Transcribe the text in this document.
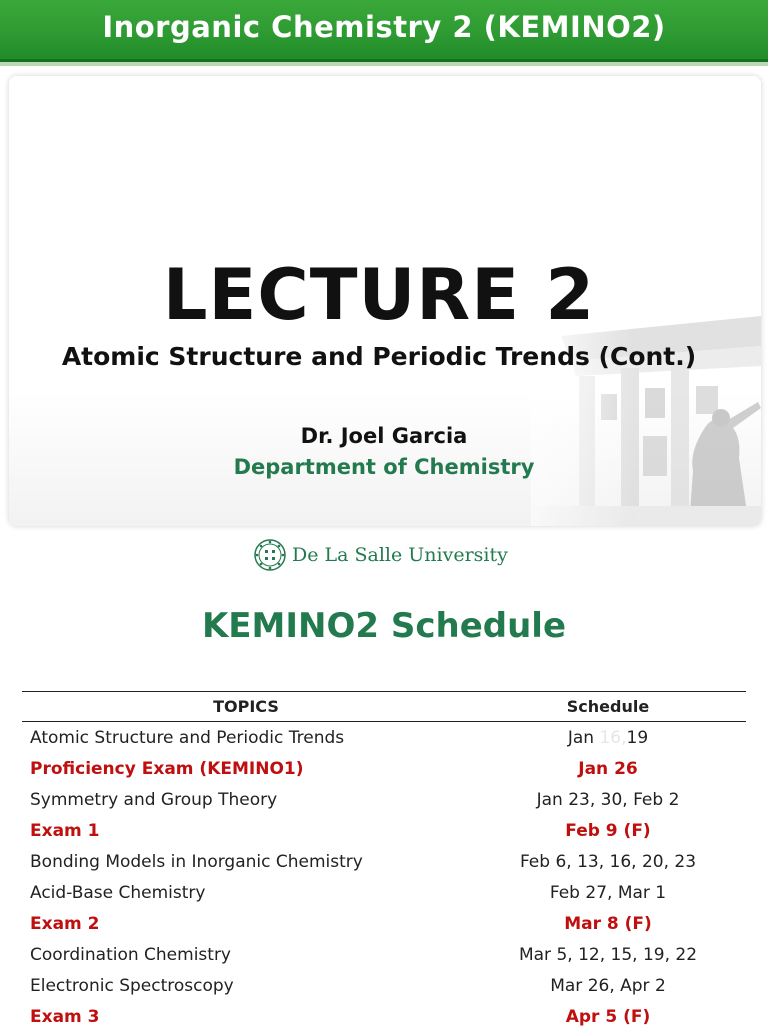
Inorganic Chemistry 2 (KEMINO2)
LECTURE 2
Atomic Structure and Periodic Trends (Cont.)
Dr. Joel Garcia
Department of Chemistry
De La Salle University
KEMINO2 Schedule
TOPICS	Schedule
Atomic Structure and Periodic Trends	Jan 16,19
Proficiency Exam (KEMINO1)	Jan 26
Symmetry and Group Theory	Jan 23, 30, Feb 2
Exam 1	Feb 9 (F)
Bonding Models in Inorganic Chemistry	Feb 6, 13, 16, 20, 23
Acid-Base Chemistry	Feb 27, Mar 1
Exam 2	Mar 8 (F)
Coordination Chemistry	Mar 5, 12, 15, 19, 22
Electronic Spectroscopy	Mar 26, Apr 2
Exam 3	Apr 5 (F)
